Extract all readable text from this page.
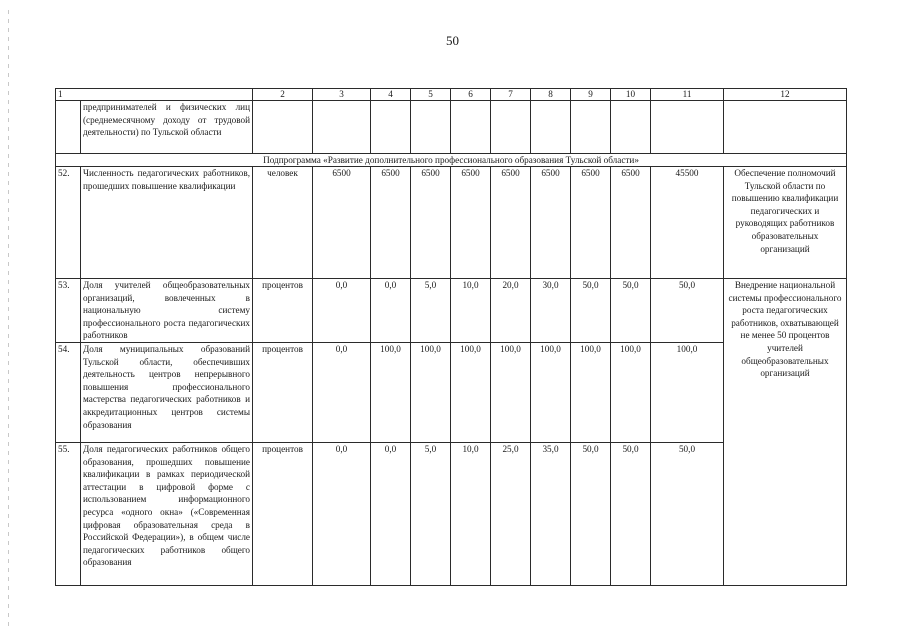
50
1		2	3	4	5	6	7	8	9	10	11	12
	предпринимателей и физических лиц (среднемесячному доходу от трудовой деятельности) по Тульской области											
Подпрограмма «Развитие дополнительного профессионального образования Тульской области»												
52.	Численность педагогических работников, прошедших повышение квалификации	человек	6500	6500	6500	6500	6500	6500	6500	6500	45500	Обеспечение полномочий Тульской области по повышению квалификации педагогических и руководящих работников образовательных организаций
53.	Доля учителей общеобразовательных организаций, вовлеченных в национальную систему профессионального роста педагогических работников	процентов	0,0	0,0	5,0	10,0	20,0	30,0	50,0	50,0	50,0	Внедрение национальной системы профессионального роста педагогических работников, охватывающей не менее 50 процентов учителей общеобразовательных организаций
54.	Доля муниципальных образований Тульской области, обеспечивших деятельность центров непрерывного повышения профессионального мастерства педагогических работников и аккредитационных центров системы образования	процентов	0,0	100,0	100,0	100,0	100,0	100,0	100,0	100,0	100,0	
55.	Доля педагогических работников общего образования, прошедших повышение квалификации в рамках периодической аттестации в цифровой форме с использованием информационного ресурса «одного окна» («Современная цифровая образовательная среда в Российской Федерации»), в общем числе педагогических работников общего образования	процентов	0,0	0,0	5,0	10,0	25,0	35,0	50,0	50,0	50,0	
